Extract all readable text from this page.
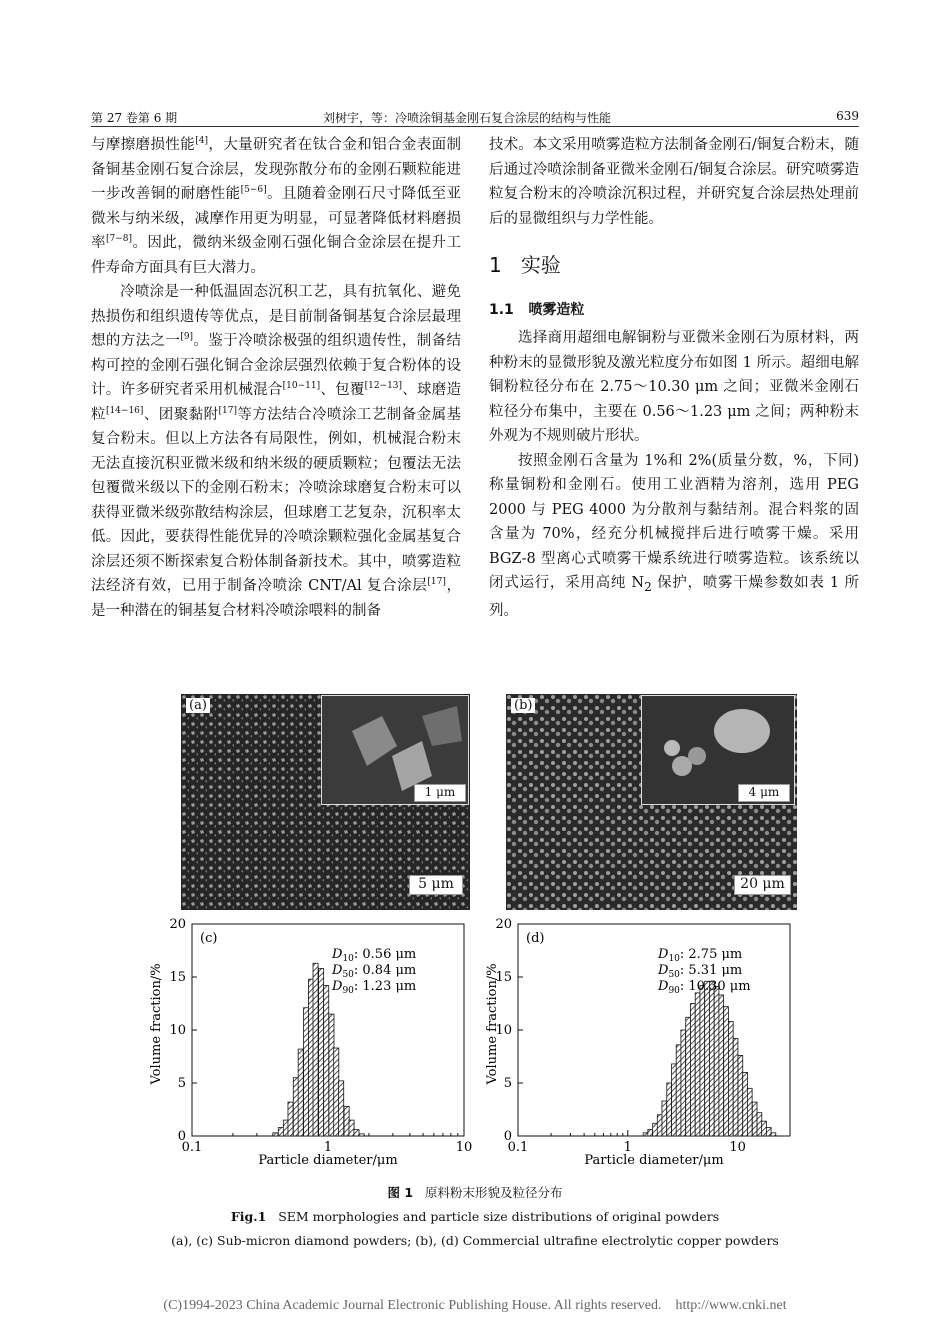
第 27 卷第 6 期	刘树宇，等：冷喷涂铜基金刚石复合涂层的结构与性能	639

与摩擦磨损性能[4]，大量研究者在钛合金和铝合金表面制备铜基金刚石复合涂层，发现弥散分布的金刚石颗粒能进一步改善铜的耐磨性能[5−6]。且随着金刚石尺寸降低至亚微米与纳米级，减摩作用更为明显，可显著降低材料磨损率[7−8]。因此，微纳米级金刚石强化铜合金涂层在提升工件寿命方面具有巨大潜力。

冷喷涂是一种低温固态沉积工艺，具有抗氧化、避免热损伤和组织遗传等优点，是目前制备铜基复合涂层最理想的方法之一[9]。鉴于冷喷涂极强的组织遗传性，制备结构可控的金刚石强化铜合金涂层强烈依赖于复合粉体的设计。许多研究者采用机械混合[10−11]、包覆[12−13]、球磨造粒[14−16]、团聚黏附[17]等方法结合冷喷涂工艺制备金属基复合粉末。但以上方法各有局限性，例如，机械混合粉末无法直接沉积亚微米级和纳米级的硬质颗粒；包覆法无法包覆微米级以下的金刚石粉末；冷喷涂球磨复合粉末可以获得亚微米级弥散结构涂层，但球磨工艺复杂，沉积率太低。因此，要获得性能优异的冷喷涂颗粒强化金属基复合涂层还须不断探索复合粉体制备新技术。其中，喷雾造粒法经济有效，已用于制备冷喷涂 CNT/Al 复合涂层[17]，是一种潜在的铜基复合材料冷喷涂喂料的制备

技术。本文采用喷雾造粒方法制备金刚石/铜复合粉末，随后通过冷喷涂制备亚微米金刚石/铜复合涂层。研究喷雾造粒复合粉末的冷喷涂沉积过程，并研究复合涂层热处理前后的显微组织与力学性能。

1 实验
1.1 喷雾造粒

选择商用超细电解铜粉与亚微米金刚石为原材料，两种粉末的显微形貌及激光粒度分布如图 1 所示。超细电解铜粉粒径分布在 2.75～10.30 μm 之间；亚微米金刚石粒径分布集中，主要在 0.56～1.23 μm 之间；两种粉末外观为不规则破片形状。

按照金刚石含量为 1%和 2%(质量分数，%，下同)称量铜粉和金刚石。使用工业酒精为溶剂，选用 PEG 2000 与 PEG 4000 为分散剂与黏结剂。混合料浆的固含量为 70%，经充分机械搅拌后进行喷雾干燥。采用 BGZ-8 型离心式喷雾干燥系统进行喷雾造粒。该系统以闭式运行，采用高纯 $N_2$ 保护，喷雾干燥参数如表 1 所列。

(a)
1 μm
5 μm
(b)
4 μm
20 μm
Volume fraction/%
Particle diameter/μm
(c)
0
5
10
15
20
0.1	1	10
$D_{10}$: 0.56 μm
$D_{50}$: 0.84 μm
$D_{90}$: 1.23 μm	Volume fraction/%
Particle diameter/μm
(d)
0
5
10
15
20
0.1	1	10
$D_{10}$: 2.75 μm
$D_{50}$: 5.31 μm
$D_{90}$: 10.30 μm
图 1 原料粉末形貌及粒径分布
Fig.1 SEM morphologies and particle size distributions of original powders
(a), (c) Sub-micron diamond powders; (b), (d) Commercial ultrafine electrolytic copper powders
(C)1994-2023 China Academic Journal Electronic Publishing House. All rights reserved. http://www.cnki.net
